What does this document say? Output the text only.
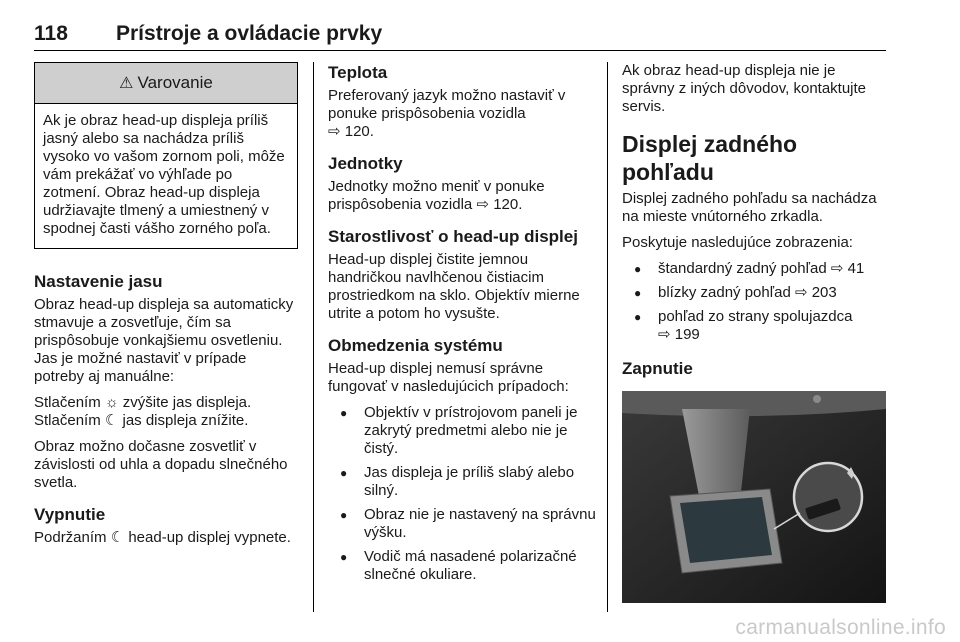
118 Prístroje a ovládacie prvky
⚠ Varovanie
Ak je obraz head-up displeja príliš jasný alebo sa nachádza príliš vysoko vo vašom zornom poli, môže vám prekážať vo výhľade po zotmení. Obraz head-up displeja udržiavajte tlmený a umiestnený v spodnej časti vášho zorného poľa.
Nastavenie jasu

Obraz head-up displeja sa automaticky stmavuje a zosvetľuje, čím sa prispôsobuje vonkajšiemu osvetleniu. Jas je možné nastaviť v prípade potreby aj manuálne:

Stlačením ☼ zvýšite jas displeja.
Stlačením ☾ jas displeja znížite.

Obraz možno dočasne zosvetliť v závislosti od uhla a dopadu slnečného svetla.

Vypnutie

Podržaním ☾ head-up displej vypnete.

Teplota

Preferovaný jazyk možno nastaviť v ponuke prispôsobenia vozidla
⇨ 120.

Jednotky

Jednotky možno meniť v ponuke prispôsobenia vozidla ⇨ 120.

Starostlivosť o head-up displej

Head-up displej čistite jemnou handričkou navlhčenou čistiacim prostriedkom na sklo. Objektív mierne utrite a potom ho vysušte.

Obmedzenia systému

Head-up displej nemusí správne fungovať v nasledujúcich prípadoch:

● Objektív v prístrojovom paneli je zakrytý predmetmi alebo nie je čistý.
● Jas displeja je príliš slabý alebo silný.
● Obraz nie je nastavený na správnu výšku.
● Vodič má nasadené polarizačné slnečné okuliare.

Ak obraz head-up displeja nie je správny z iných dôvodov, kontaktujte servis.

Displej zadného pohľadu

Displej zadného pohľadu sa nachádza na mieste vnútorného zrkadla.

Poskytuje nasledujúce zobrazenia:

● štandardný zadný pohľad ⇨ 41
● blízky zadný pohľad ⇨ 203
● pohľad zo strany spolujazdca
⇨ 199
Zapnutie
carmanualsonline.info
